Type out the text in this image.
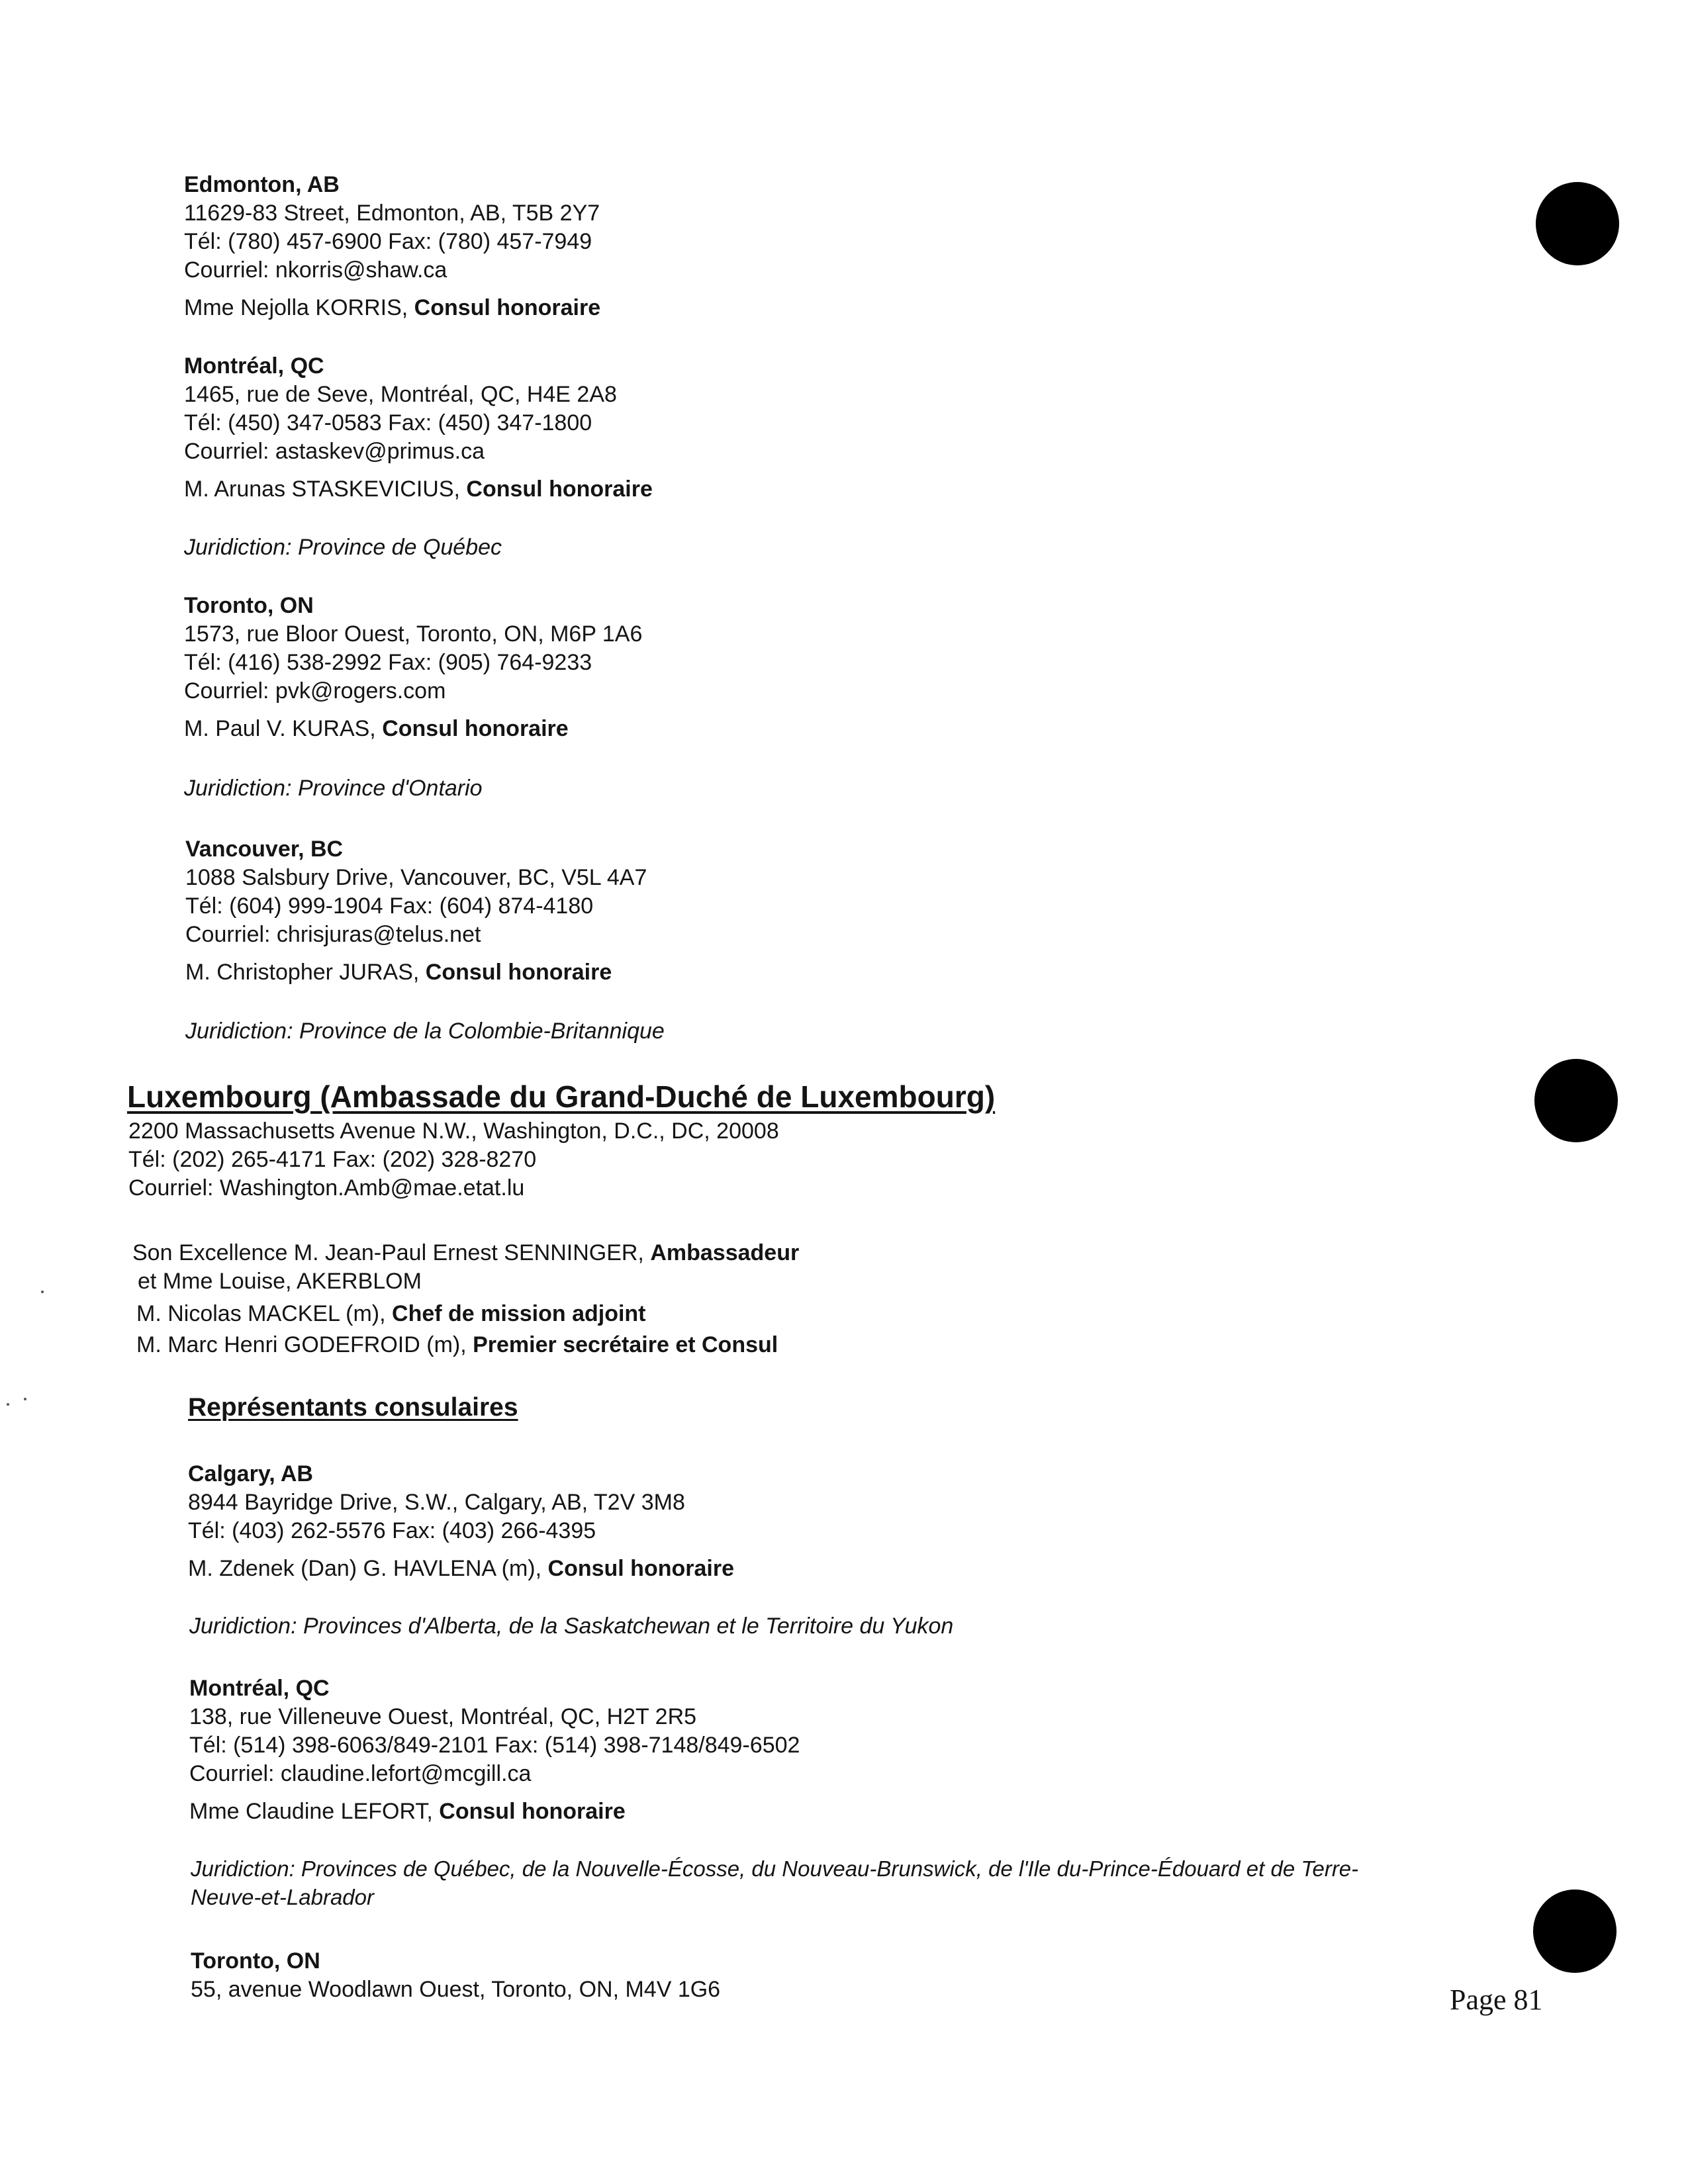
Edmonton, AB
11629-83 Street, Edmonton, AB, T5B 2Y7
Tél: (780) 457-6900 Fax: (780) 457-7949
Courriel: nkorris@shaw.ca
Mme Nejolla KORRIS, Consul honoraire
Montréal, QC
1465, rue de Seve, Montréal, QC, H4E 2A8
Tél: (450) 347-0583 Fax: (450) 347-1800
Courriel: astaskev@primus.ca
M. Arunas STASKEVICIUS, Consul honoraire
Juridiction: Province de Québec
Toronto, ON
1573, rue Bloor Ouest, Toronto, ON, M6P 1A6
Tél: (416) 538-2992 Fax: (905) 764-9233
Courriel: pvk@rogers.com
M. Paul V. KURAS, Consul honoraire
Juridiction: Province d'Ontario
Vancouver, BC
1088 Salsbury Drive, Vancouver, BC, V5L 4A7
Tél: (604) 999-1904 Fax: (604) 874-4180
Courriel: chrisjuras@telus.net
M. Christopher JURAS, Consul honoraire
Juridiction: Province de la Colombie-Britannique
Luxembourg (Ambassade du Grand-Duché de Luxembourg)
2200 Massachusetts Avenue N.W., Washington, D.C., DC, 20008
Tél: (202) 265-4171 Fax: (202) 328-8270
Courriel: Washington.Amb@mae.etat.lu
Son Excellence M. Jean-Paul Ernest SENNINGER, Ambassadeur
et Mme Louise, AKERBLOM
M. Nicolas MACKEL (m), Chef de mission adjoint
M. Marc Henri GODEFROID (m), Premier secrétaire et Consul
Représentants consulaires
Calgary, AB
8944 Bayridge Drive, S.W., Calgary, AB, T2V 3M8
Tél: (403) 262-5576 Fax: (403) 266-4395
M. Zdenek (Dan) G. HAVLENA (m), Consul honoraire
Juridiction: Provinces d'Alberta, de la Saskatchewan et le Territoire du Yukon
Montréal, QC
138, rue Villeneuve Ouest, Montréal, QC, H2T 2R5
Tél: (514) 398-6063/849-2101 Fax: (514) 398-7148/849-6502
Courriel: claudine.lefort@mcgill.ca
Mme Claudine LEFORT, Consul honoraire
Juridiction: Provinces de Québec, de la Nouvelle-Écosse, du Nouveau-Brunswick, de l'Ile du-Prince-Édouard et de Terre-
Neuve-et-Labrador
Toronto, ON
55, avenue Woodlawn Ouest, Toronto, ON, M4V 1G6	Page 81
